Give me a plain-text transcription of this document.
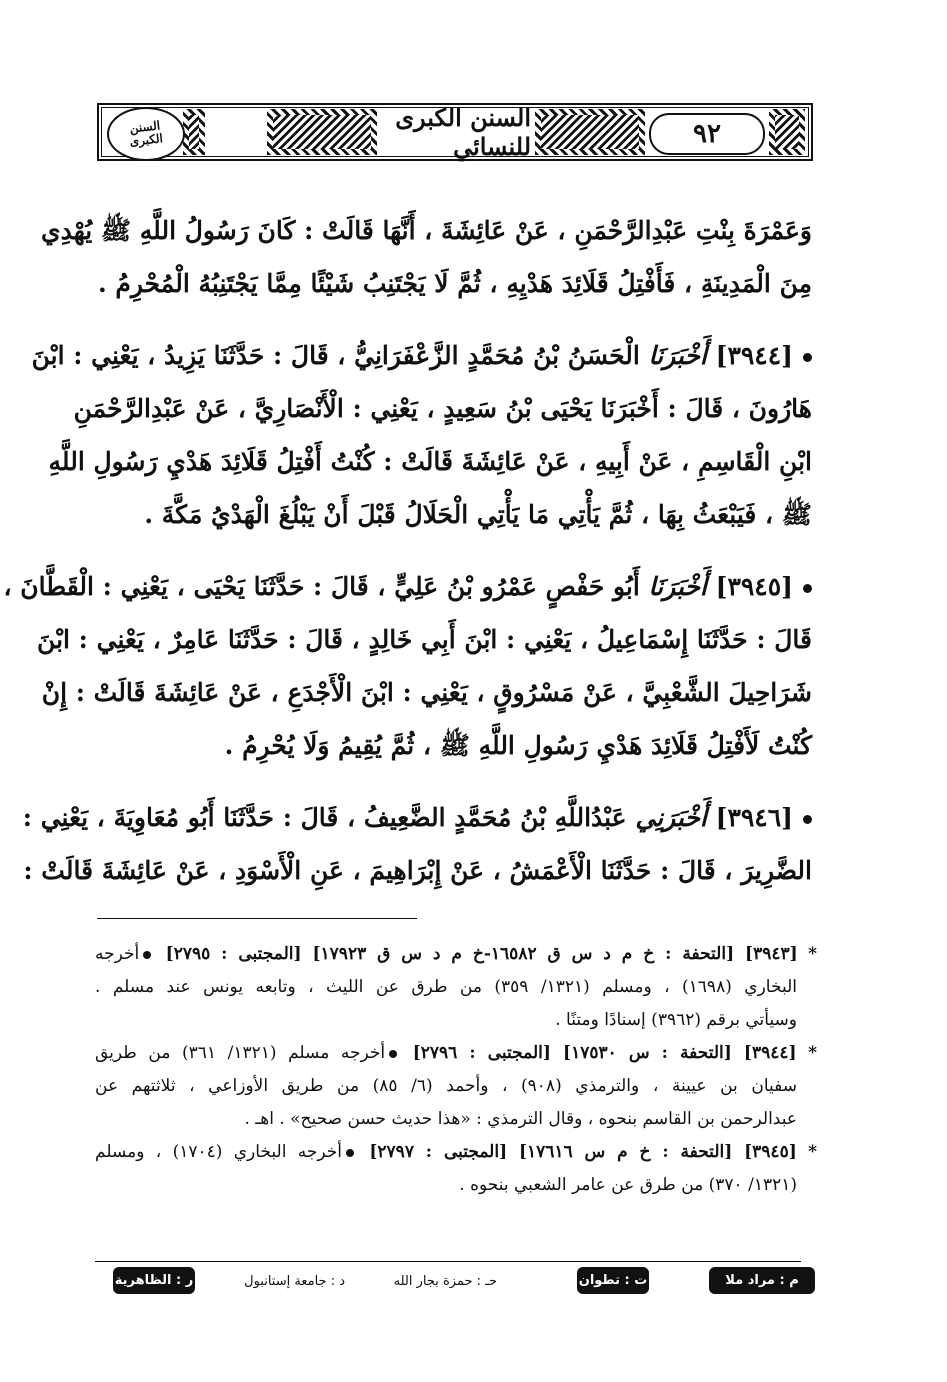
٩٢
السنن الكبرى للنسائي
السنن
الكبرى
وَعَمْرَةَ بِنْتِ عَبْدِالرَّحْمَنِ ، عَنْ عَائِشَةَ ، أَنَّهَا قَالَتْ : كَانَ رَسُولُ اللَّهِ ﷺ يُهْدِي
مِنَ الْمَدِينَةِ ، فَأَفْتِلُ قَلَائِدَ هَدْيِهِ ، ثُمَّ لَا يَجْتَنِبُ شَيْئًا مِمَّا يَجْتَنِبُهُ الْمُحْرِمُ .
[٣٩٤٤] أَخْبَرَنَا الْحَسَنُ بْنُ مُحَمَّدٍ الزَّعْفَرَانِيُّ ، قَالَ : حَدَّثَنَا يَزِيدُ ، يَعْنِي : ابْنَ
هَارُونَ ، قَالَ : أَخْبَرَنَا يَحْيَى بْنُ سَعِيدٍ ، يَعْنِي : الْأَنْصَارِيَّ ، عَنْ عَبْدِالرَّحْمَنِ
ابْنِ الْقَاسِمِ ، عَنْ أَبِيهِ ، عَنْ عَائِشَةَ قَالَتْ : كُنْتُ أَفْتِلُ قَلَائِدَ هَدْيِ رَسُولِ اللَّهِ
ﷺ ، فَيَبْعَثُ بِهَا ، ثُمَّ يَأْتِي مَا يَأْتِي الْحَلَالُ قَبْلَ أَنْ يَبْلُغَ الْهَدْيُ مَكَّةَ .
[٣٩٤٥] أَخْبَرَنَا أَبُو حَفْصٍ عَمْرُو بْنُ عَلِيٍّ ، قَالَ : حَدَّثَنَا يَحْيَى ، يَعْنِي : الْقَطَّانَ ،
قَالَ : حَدَّثَنَا إِسْمَاعِيلُ ، يَعْنِي : ابْنَ أَبِي خَالِدٍ ، قَالَ : حَدَّثَنَا عَامِرٌ ، يَعْنِي : ابْنَ
شَرَاحِيلَ الشَّعْبِيَّ ، عَنْ مَسْرُوقٍ ، يَعْنِي : ابْنَ الْأَجْدَعِ ، عَنْ عَائِشَةَ قَالَتْ : إِنْ
كُنْتُ لَأَفْتِلُ قَلَائِدَ هَدْيِ رَسُولِ اللَّهِ ﷺ ، ثُمَّ يُقِيمُ وَلَا يُحْرِمُ .
[٣٩٤٦] أَخْبَرَنِي عَبْدُاللَّهِ بْنُ مُحَمَّدٍ الضَّعِيفُ ، قَالَ : حَدَّثَنَا أَبُو مُعَاوِيَةَ ، يَعْنِي :
الضَّرِيرَ ، قَالَ : حَدَّثَنَا الْأَعْمَشُ ، عَنْ إِبْرَاهِيمَ ، عَنِ الْأَسْوَدِ ، عَنْ عَائِشَةَ قَالَتْ :
* [٣٩٤٣] [التحفة : خ م د س ق ١٦٥٨٢-خ م د س ق ١٧٩٢٣] [المجتبى : ٢٧٩٥] أخرجه
البخاري (١٦٩٨) ، ومسلم (١٣٢١/ ٣٥٩) من طرق عن الليث ، وتابعه يونس عند مسلم .
وسيأتي برقم (٣٩٦٢) إسنادًا ومتنًا .
* [٣٩٤٤] [التحفة : س ١٧٥٣٠] [المجتبى : ٢٧٩٦] أخرجه مسلم (١٣٢١/ ٣٦١) من طريق
سفيان بن عيينة ، والترمذي (٩٠٨) ، وأحمد (٦/ ٨٥) من طريق الأوزاعي ، ثلاثتهم عن
عبدالرحمن بن القاسم بنحوه ، وقال الترمذي : «هذا حديث حسن صحيح» . اهـ .
* [٣٩٤٥] [التحفة : خ م س ١٧٦١٦] [المجتبى : ٢٧٩٧] أخرجه البخاري (١٧٠٤) ، ومسلم
(١٣٢١/ ٣٧٠) من طرق عن عامر الشعبي بنحوه .
م : مراد ملا
ت : تطوان
حـ : حمزة بجار الله
د : جامعة إستانبول
ر : الظاهرية
